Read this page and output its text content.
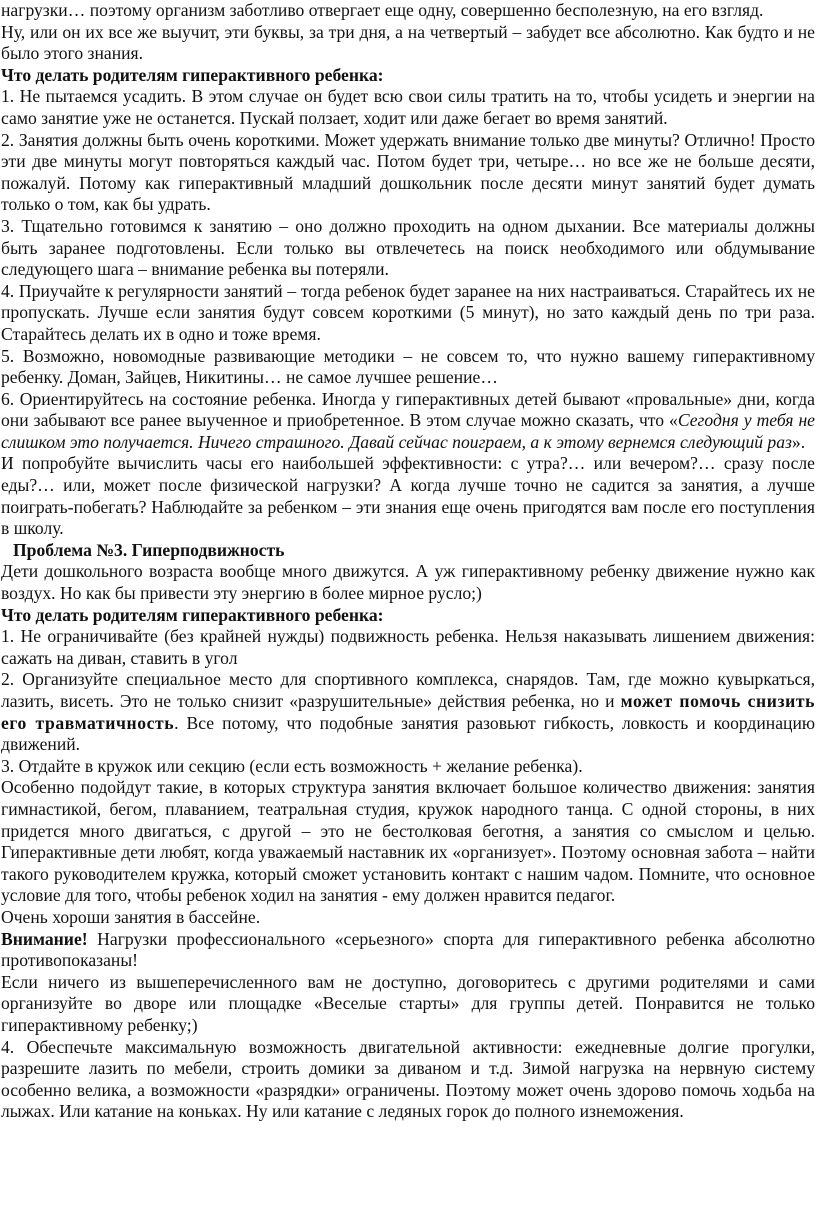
нагрузки… поэтому организм заботливо отвергает еще одну, совершенно бесполезную, на его взгляд.

Ну, или он их все же выучит, эти буквы, за три дня, а на четвертый – забудет все абсолютно. Как будто и не было этого знания.

Что делать родителям гиперактивного ребенка:

1. Не пытаемся усадить. В этом случае он будет всю свои силы тратить на то, чтобы усидеть и энергии на само занятие уже не останется. Пускай ползает, ходит или даже бегает во время занятий.

2. Занятия должны быть очень короткими. Может удержать внимание только две минуты? Отлично! Просто эти две минуты могут повторяться каждый час. Потом будет три, четыре… но все же не больше десяти, пожалуй. Потому как гиперактивный младший дошкольник после десяти минут занятий будет думать только о том, как бы удрать.

3. Тщательно готовимся к занятию – оно должно проходить на одном дыхании. Все материалы должны быть заранее подготовлены. Если только вы отвлечетесь на поиск необходимого или обдумывание следующего шага – внимание ребенка вы потеряли.

4. Приучайте к регулярности занятий – тогда ребенок будет заранее на них настраиваться. Старайтесь их не пропускать. Лучше если занятия будут совсем короткими (5 минут), но зато каждый день по три раза. Старайтесь делать их в одно и тоже время.

5. Возможно, новомодные развивающие методики – не совсем то, что нужно вашему гиперактивному ребенку. Доман, Зайцев, Никитины… не самое лучшее решение…

6. Ориентируйтесь на состояние ребенка. Иногда у гиперактивных детей бывают «провальные» дни, когда они забывают все ранее выученное и приобретенное. В этом случае можно сказать, что «Сегодня у тебя не слишком это получается. Ничего страшного. Давай сейчас поиграем, а к этому вернемся следующий раз».

И попробуйте вычислить часы его наибольшей эффективности: с утра?… или вечером?… сразу после еды?… или, может после физической нагрузки? А когда лучше точно не садится за занятия, а лучше поиграть-побегать? Наблюдайте за ребенком – эти знания еще очень пригодятся вам после его поступления в школу.

Проблема №3. Гиперподвижность

Дети дошкольного возраста вообще много движутся. А уж гиперактивному ребенку движение нужно как воздух. Но как бы привести эту энергию в более мирное русло;)

Что делать родителям гиперактивного ребенка:

1. Не ограничивайте (без крайней нужды) подвижность ребенка. Нельзя наказывать лишением движения: сажать на диван, ставить в угол

2. Организуйте специальное место для спортивного комплекса, снарядов. Там, где можно кувыркаться, лазить, висеть. Это не только снизит «разрушительные» действия ребенка, но и может помочь снизить его травматичность. Все потому, что подобные занятия разовьют гибкость, ловкость и координацию движений.

3. Отдайте в кружок или секцию (если есть возможность + желание ребенка).

Особенно подойдут такие, в которых структура занятия включает большое количество движения: занятия гимнастикой, бегом, плаванием, театральная студия, кружок народного танца. С одной стороны, в них придется много двигаться, с другой – это не бестолковая беготня, а занятия со смыслом и целью. Гиперактивные дети любят, когда уважаемый наставник их «организует». Поэтому основная забота – найти такого руководителем кружка, который сможет установить контакт с нашим чадом. Помните, что основное условие для того, чтобы ребенок ходил на занятия - ему должен нравится педагог.

Очень хороши занятия в бассейне.

Внимание! Нагрузки профессионального «серьезного» спорта для гиперактивного ребенка абсолютно противопоказаны!

Если ничего из вышеперечисленного вам не доступно, договоритесь с другими родителями и сами организуйте во дворе или площадке «Веселые старты» для группы детей. Понравится не только гиперактивному ребенку;)

4. Обеспечьте максимальную возможность двигательной активности: ежедневные долгие прогулки, разрешите лазить по мебели, строить домики за диваном и т.д. Зимой нагрузка на нервную систему особенно велика, а возможности «разрядки» ограничены. Поэтому может очень здорово помочь ходьба на лыжах. Или катание на коньках. Ну или катание с ледяных горок до полного изнеможения.
